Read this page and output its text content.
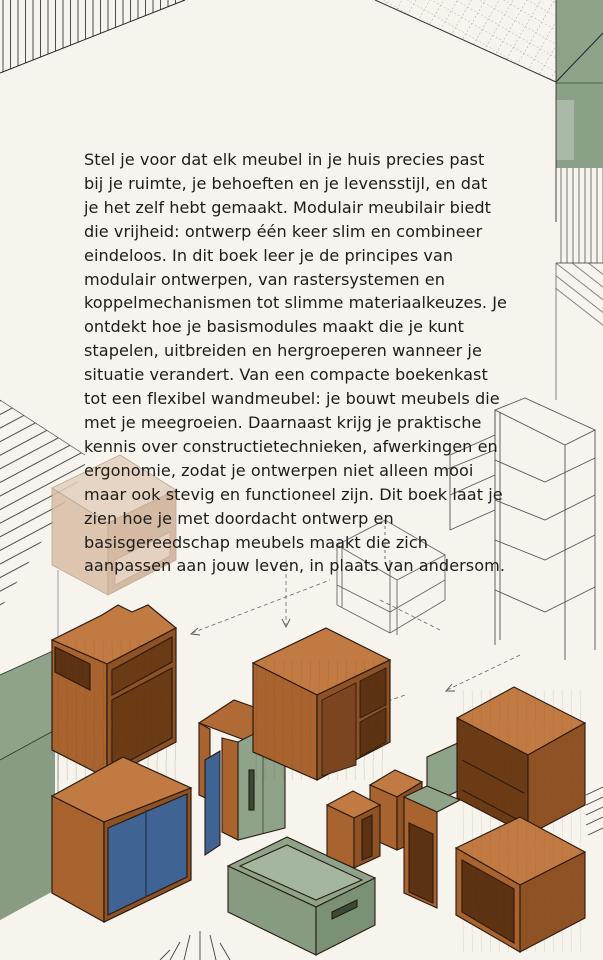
Stel je voor dat elk meubel in je huis precies past
bij je ruimte, je behoeften en je levensstijl, en dat
je het zelf hebt gemaakt. Modulair meubilair biedt
die vrijheid: ontwerp één keer slim en combineer
eindeloos. In dit boek leer je de principes van
modulair ontwerpen, van rastersystemen en
koppelmechanismen tot slimme materiaalkeuzes. Je
ontdekt hoe je basismodules maakt die je kunt
stapelen, uitbreiden en hergroeperen wanneer je
situatie verandert. Van een compacte boekenkast
tot een flexibel wandmeubel: je bouwt meubels die
met je meegroeien. Daarnaast krijg je praktische
kennis over constructietechnieken, afwerkingen en
ergonomie, zodat je ontwerpen niet alleen mooi
maar ook stevig en functioneel zijn. Dit boek laat je
zien hoe je met doordacht ontwerp en
basisgereedschap meubels maakt die zich
aanpassen aan jouw leven, in plaats van andersom.
